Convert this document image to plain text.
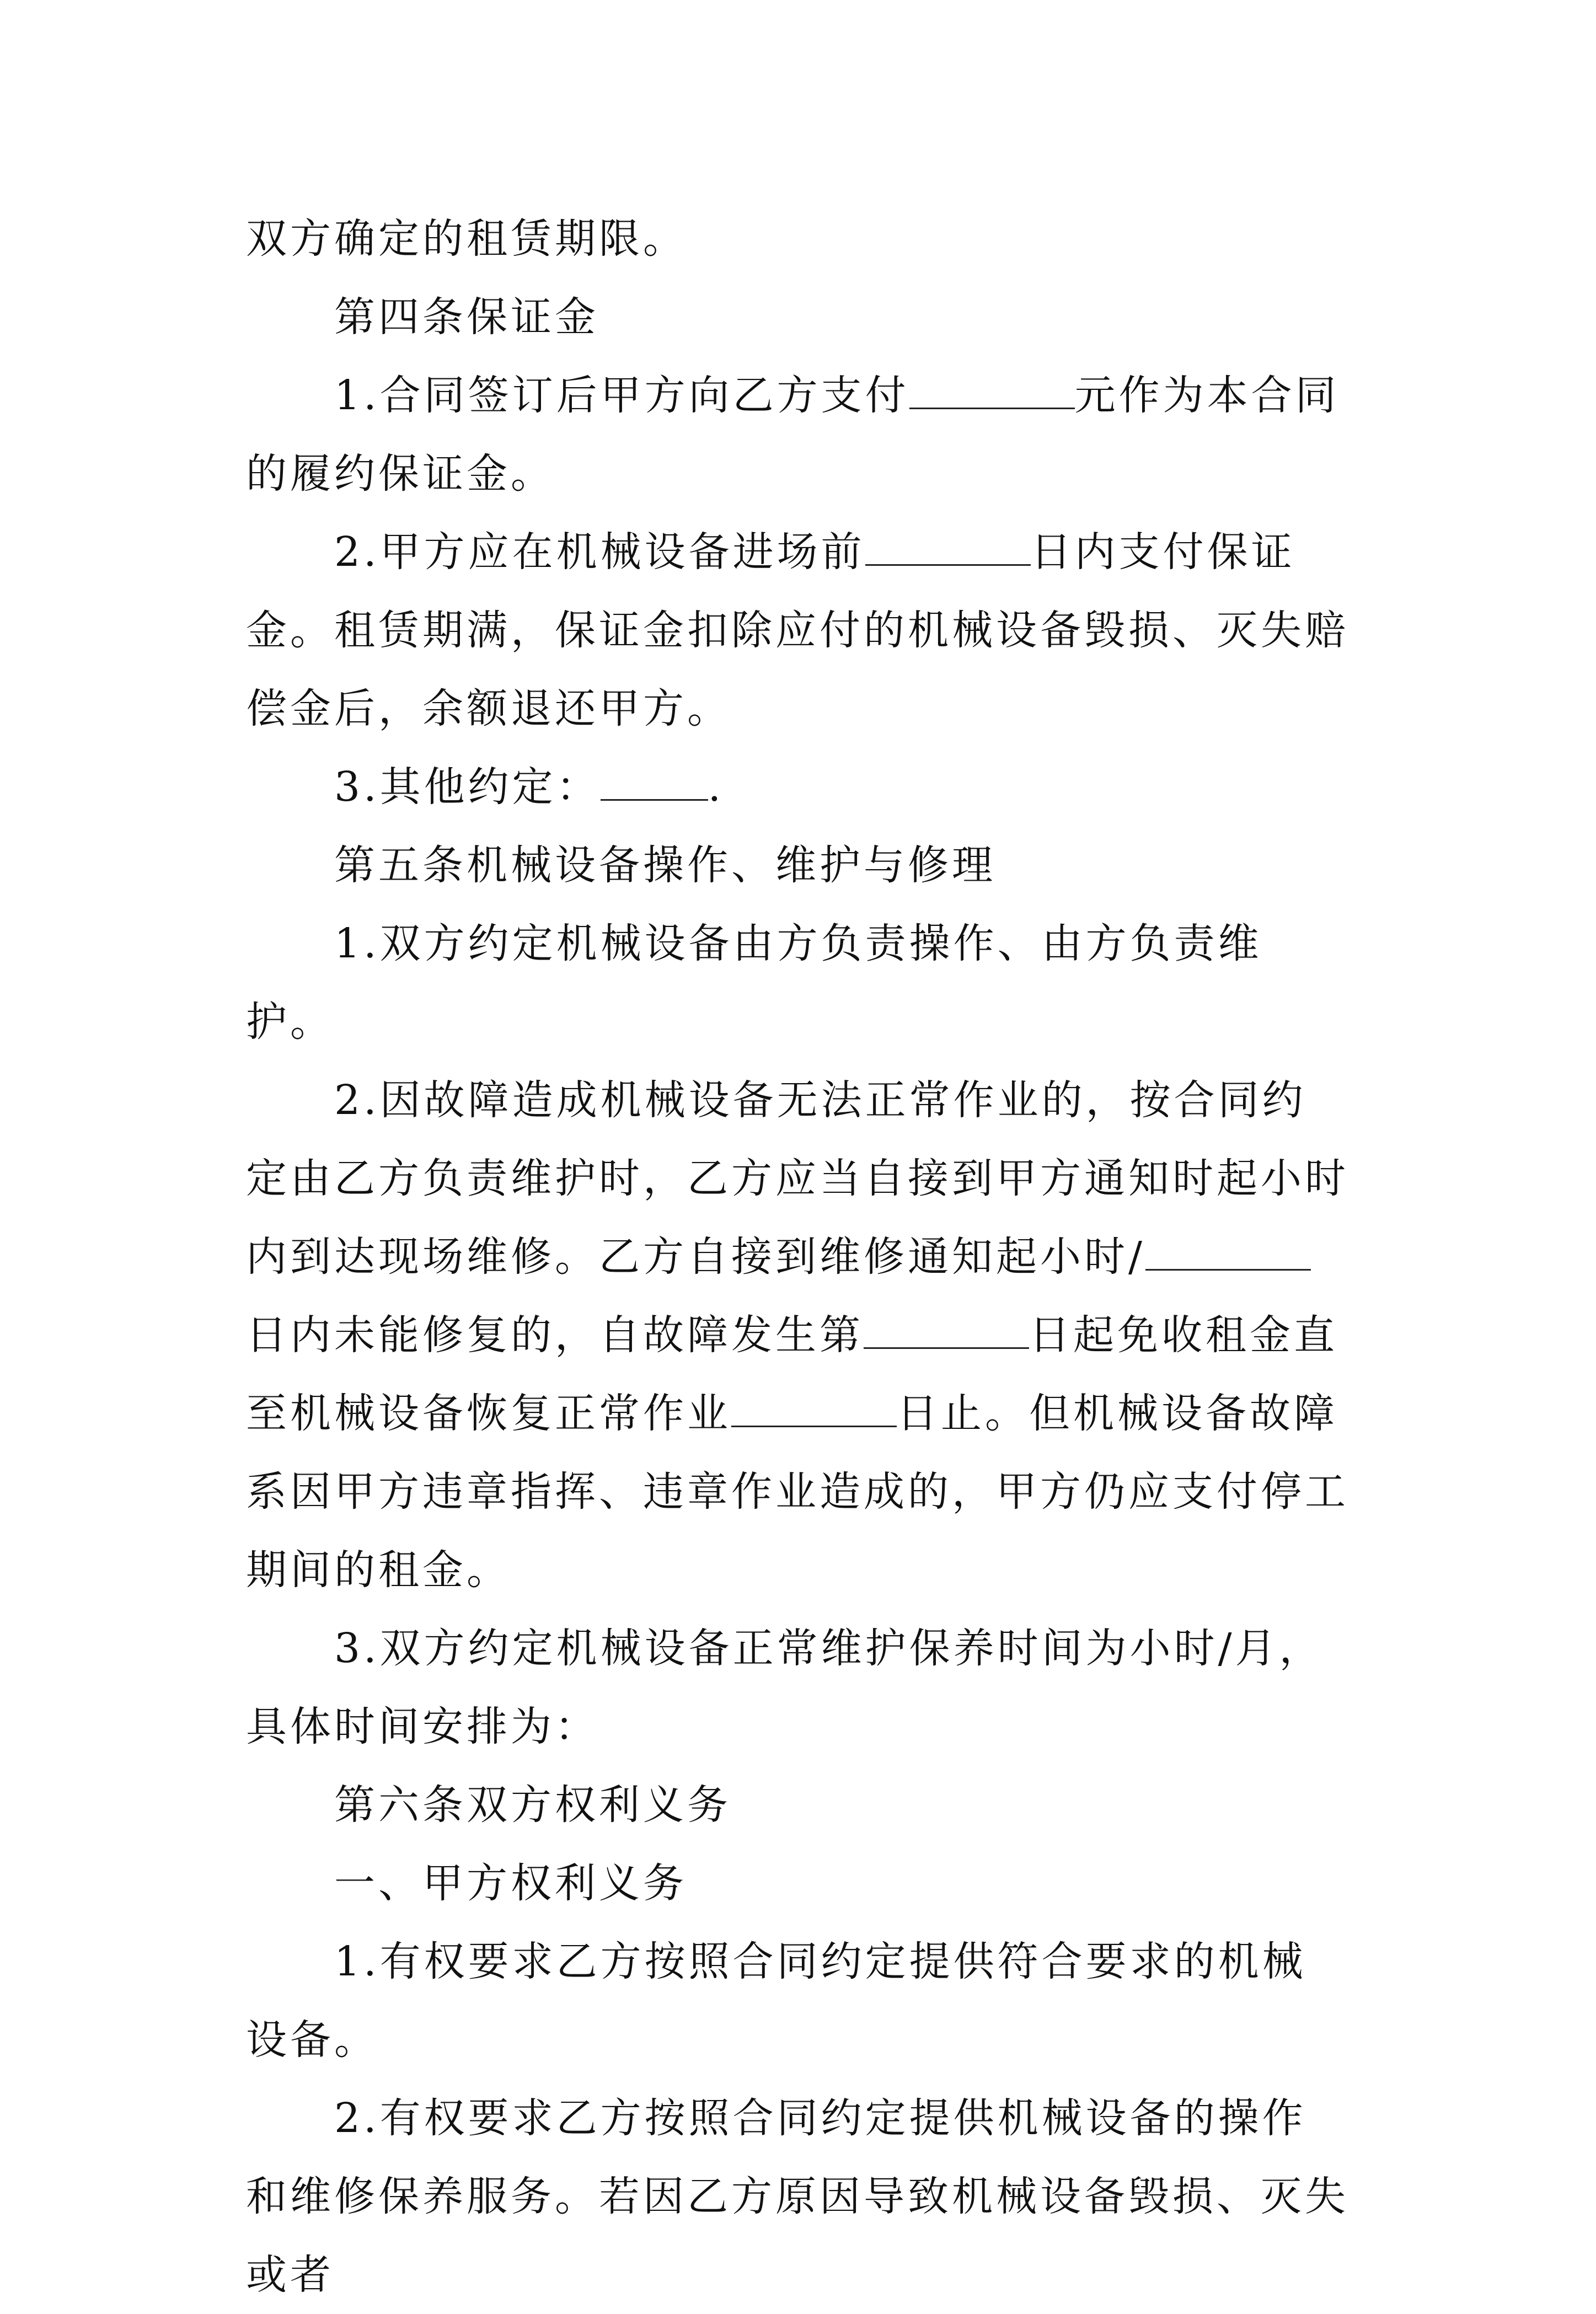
双方确定的租赁期限。

第四条保证金

1.合同签订后甲方向乙方支付	元作为本合同的履约保证金。

2.甲方应在机械设备进场前	日内支付保证金。租赁期满，保证金扣除应付的机械设备毁损、灭失赔偿金后，余额退还甲方。

3.其他约定：	.

第五条机械设备操作、维护与修理

1.双方约定机械设备由方负责操作、由方负责维护。

2.因故障造成机械设备无法正常作业的，按合同约定由乙方负责维护时，乙方应当自接到甲方通知时起小时内到达现场维修。乙方自接到维修通知起小时/日内未能修复的，自故障发生第	日起免收租金直至机械设备恢复正常作业	日止。但机械设备故障系因甲方违章指挥、违章作业造成的，甲方仍应支付停工期间的租金。

3.双方约定机械设备正常维护保养时间为小时/月，具体时间安排为：

第六条双方权利义务

一、甲方权利义务

1.有权要求乙方按照合同约定提供符合要求的机械设备。

2.有权要求乙方按照合同约定提供机械设备的操作和维修保养服务。若因乙方原因导致机械设备毁损、灭失或者
